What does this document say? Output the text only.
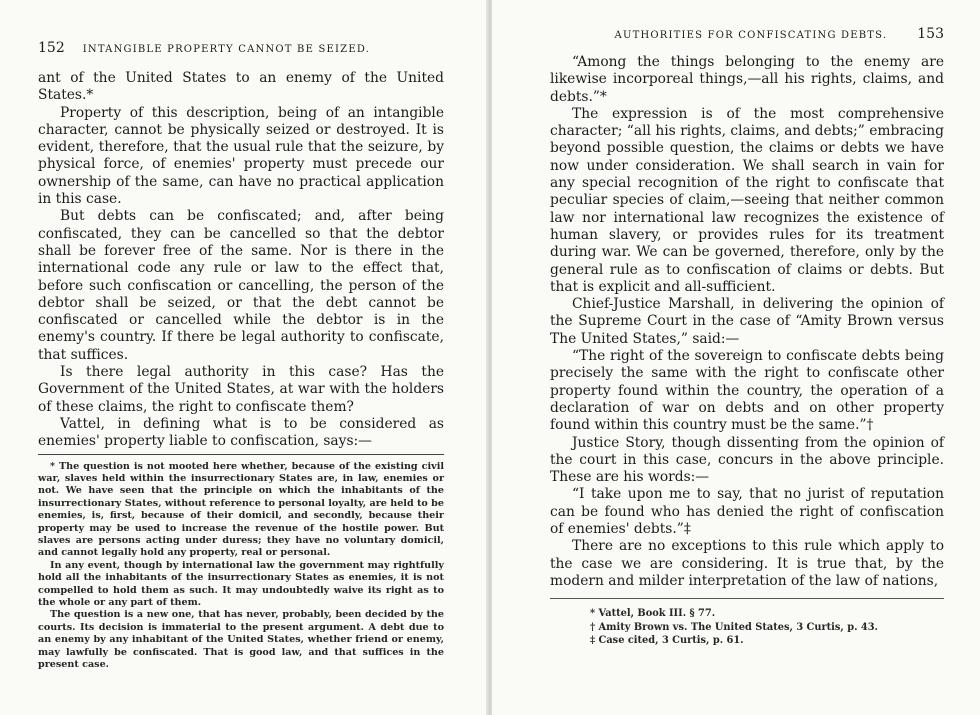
152 INTANGIBLE PROPERTY CANNOT BE SEIZED.

ant of the United States to an enemy of the United States.*

Property of this description, being of an intangible character, cannot be physically seized or destroyed. It is evident, therefore, that the usual rule that the seizure, by physical force, of enemies' property must precede our ownership of the same, can have no practical application in this case.

But debts can be confiscated; and, after being confiscated, they can be cancelled so that the debtor shall be forever free of the same. Nor is there in the international code any rule or law to the effect that, before such confiscation or cancelling, the person of the debtor shall be seized, or that the debt cannot be confiscated or cancelled while the debtor is in the enemy's country. If there be legal authority to confiscate, that suffices.

Is there legal authority in this case? Has the Government of the United States, at war with the holders of these claims, the right to confiscate them?

Vattel, in defining what is to be considered as enemies' property liable to confiscation, says:—

* The question is not mooted here whether, because of the existing civil war, slaves held within the insurrectionary States are, in law, enemies or not. We have seen that the principle on which the inhabitants of the insurrectionary States, without reference to personal loyalty, are held to be enemies, is, first, because of their domicil, and secondly, because their property may be used to increase the revenue of the hostile power. But slaves are persons acting under duress; they have no voluntary domicil, and cannot legally hold any property, real or personal.

In any event, though by international law the government may rightfully hold all the inhabitants of the insurrectionary States as enemies, it is not compelled to hold them as such. It may undoubtedly waive its right as to the whole or any part of them.

The question is a new one, that has never, probably, been decided by the courts. Its decision is immaterial to the present argument. A debt due to an enemy by any inhabitant of the United States, whether friend or enemy, may lawfully be confiscated. That is good law, and that suffices in the present case.

AUTHORITIES FOR CONFISCATING DEBTS. 153

“Among the things belonging to the enemy are likewise incorporeal things,—all his rights, claims, and debts.”*

The expression is of the most comprehensive character; “all his rights, claims, and debts;” embracing beyond possible question, the claims or debts we have now under consideration. We shall search in vain for any special recognition of the right to confiscate that peculiar species of claim,—seeing that neither common law nor international law recognizes the existence of human slavery, or provides rules for its treatment during war. We can be governed, therefore, only by the general rule as to confiscation of claims or debts. But that is explicit and all-sufficient.

Chief-Justice Marshall, in delivering the opinion of the Supreme Court in the case of “Amity Brown versus The United States,” said:—

“The right of the sovereign to confiscate debts being precisely the same with the right to confiscate other property found within the country, the operation of a declaration of war on debts and on other property found within this country must be the same.”†

Justice Story, though dissenting from the opinion of the court in this case, concurs in the above principle. These are his words:—

“I take upon me to say, that no jurist of reputation can be found who has denied the right of confiscation of enemies' debts.”‡

There are no exceptions to this rule which apply to the case we are considering. It is true that, by the modern and milder interpretation of the law of nations,

* Vattel, Book III. § 77.

† Amity Brown vs. The United States, 3 Curtis, p. 43.

‡ Case cited, 3 Curtis, p. 61.
